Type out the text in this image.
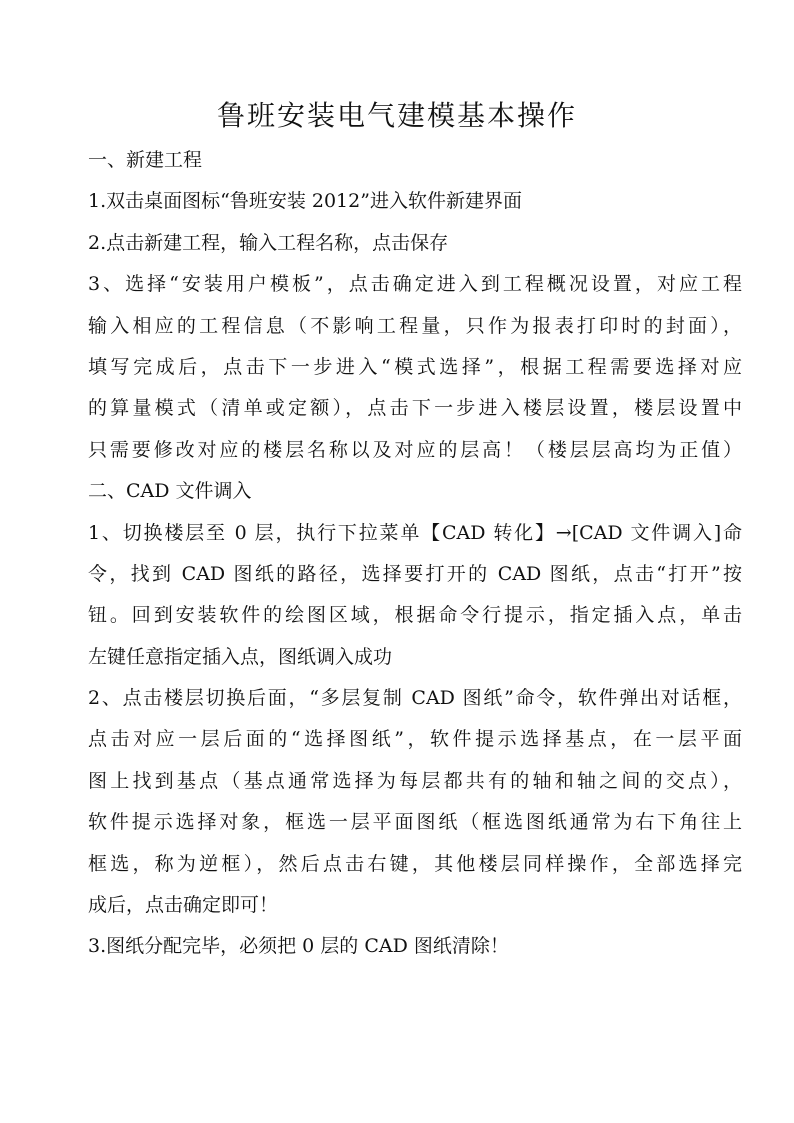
鲁班安装电气建模基本操作
一、新建工程
1.双击桌面图标“鲁班安装 2012”进入软件新建界面
2.点击新建工程，输入工程名称，点击保存
3、选择“安装用户模板”，点击确定进入到工程概况设置，对应工程
输入相应的工程信息（不影响工程量，只作为报表打印时的封面），
填写完成后，点击下一步进入“模式选择”，根据工程需要选择对应
的算量模式（清单或定额），点击下一步进入楼层设置，楼层设置中
只需要修改对应的楼层名称以及对应的层高！（楼层层高均为正值）
二、CAD 文件调入
1、切换楼层至 0 层，执行下拉菜单【CAD 转化】→[CAD 文件调入]命
令，找到 CAD 图纸的路径，选择要打开的 CAD 图纸，点击“打开”按
钮。回到安装软件的绘图区域，根据命令行提示，指定插入点，单击
左键任意指定插入点，图纸调入成功
2、点击楼层切换后面，“多层复制 CAD 图纸”命令，软件弹出对话框，
点击对应一层后面的“选择图纸”，软件提示选择基点，在一层平面
图上找到基点（基点通常选择为每层都共有的轴和轴之间的交点），
软件提示选择对象，框选一层平面图纸（框选图纸通常为右下角往上
框选，称为逆框），然后点击右键，其他楼层同样操作，全部选择完
成后，点击确定即可！
3.图纸分配完毕，必须把 0 层的 CAD 图纸清除！
